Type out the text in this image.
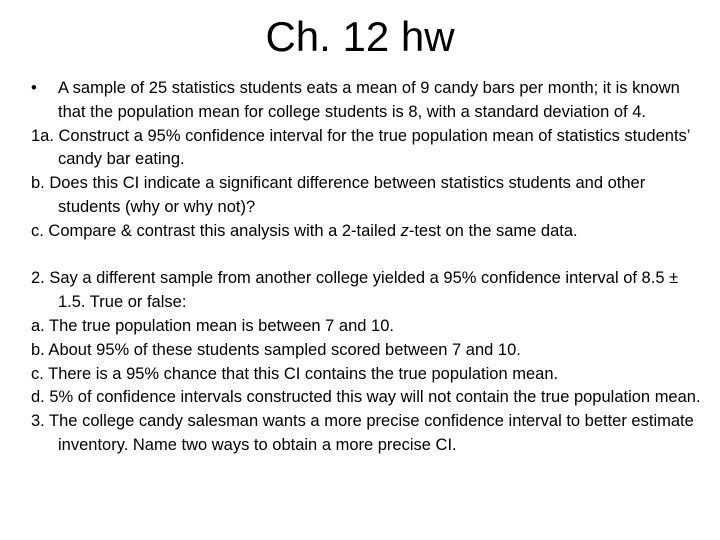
Ch. 12 hw

• A sample of 25 statistics students eats a mean of 9 candy bars per month; it is known that the population mean for college students is 8, with a standard deviation of 4.

1a. Construct a 95% confidence interval for the true population mean of statistics students’ candy bar eating.

b. Does this CI indicate a significant difference between statistics students and other students (why or why not)?

c. Compare & contrast this analysis with a 2-tailed z-test on the same data.

2. Say a different sample from another college yielded a 95% confidence interval of 8.5 ± 1.5. True or false:

a. The true population mean is between 7 and 10.

b. About 95% of these students sampled scored between 7 and 10.

c. There is a 95% chance that this CI contains the true population mean.

d. 5% of confidence intervals constructed this way will not contain the true population mean.

3. The college candy salesman wants a more precise confidence interval to better estimate inventory. Name two ways to obtain a more precise CI.
